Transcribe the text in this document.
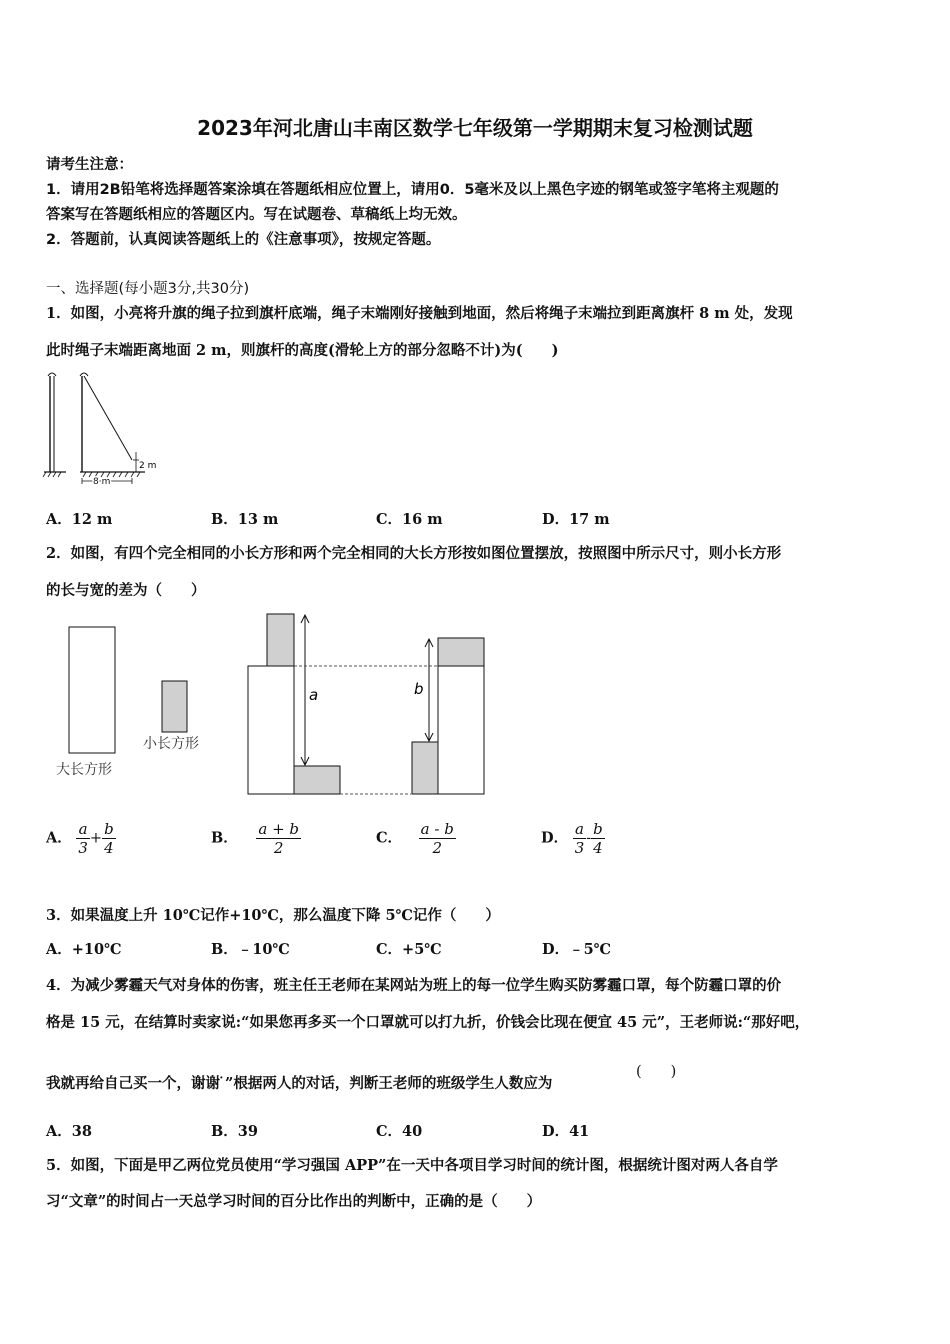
2023年河北唐山丰南区数学七年级第一学期期末复习检测试题
请考生注意：
1．请用2B铅笔将选择题答案涂填在答题纸相应位置上，请用0．5毫米及以上黑色字迹的钢笔或签字笔将主观题的
答案写在答题纸相应的答题区内。写在试题卷、草稿纸上均无效。
2．答题前，认真阅读答题纸上的《注意事项》，按规定答题。
一、选择题(每小题3分,共30分)
1．如图，小亮将升旗的绳子拉到旗杆底端，绳子末端刚好接触到地面，然后将绳子末端拉到距离旗杆 8 m 处，发现
此时绳子末端距离地面 2 m，则旗杆的高度(滑轮上方的部分忽略不计)为(　　)
2 m
8 m
A．12 m	B．13 m	C．16 m	D．17 m
2．如图，有四个完全相同的小长方形和两个完全相同的大长方形按如图位置摆放，按照图中所示尺寸，则小长方形
的长与宽的差为（　　）
大长方形
小长方形
a	b
A． $\frac{a}{3} + \frac{b}{4}$	B． $\frac{a + b}{2}$	C． $\frac{a - b}{2}$	D． $\frac{a}{3} - \frac{b}{4}$
3．如果温度上升 10℃记作+10℃，那么温度下降 5℃记作（　　）
A．+10℃	B．﹣10℃	C．+5℃	D．﹣5℃
4．为减少雾霾天气对身体的伤害，班主任王老师在某网站为班上的每一位学生购买防雾霾口罩，每个防霾口罩的价
格是 15 元，在结算时卖家说:“如果您再多买一个口罩就可以打九折，价钱会比现在便宜 45 元”，王老师说:“那好吧，
我就再给自己买一个，谢谢 ̇”根据两人的对话，判断王老师的班级学生人数应为
(　　)
A．38	B．39	C．40	D．41
5．如图，下面是甲乙两位党员使用“学习强国 APP”在一天中各项目学习时间的统计图，根据统计图对两人各自学
习“文章”的时间占一天总学习时间的百分比作出的判断中，正确的是（　　）
